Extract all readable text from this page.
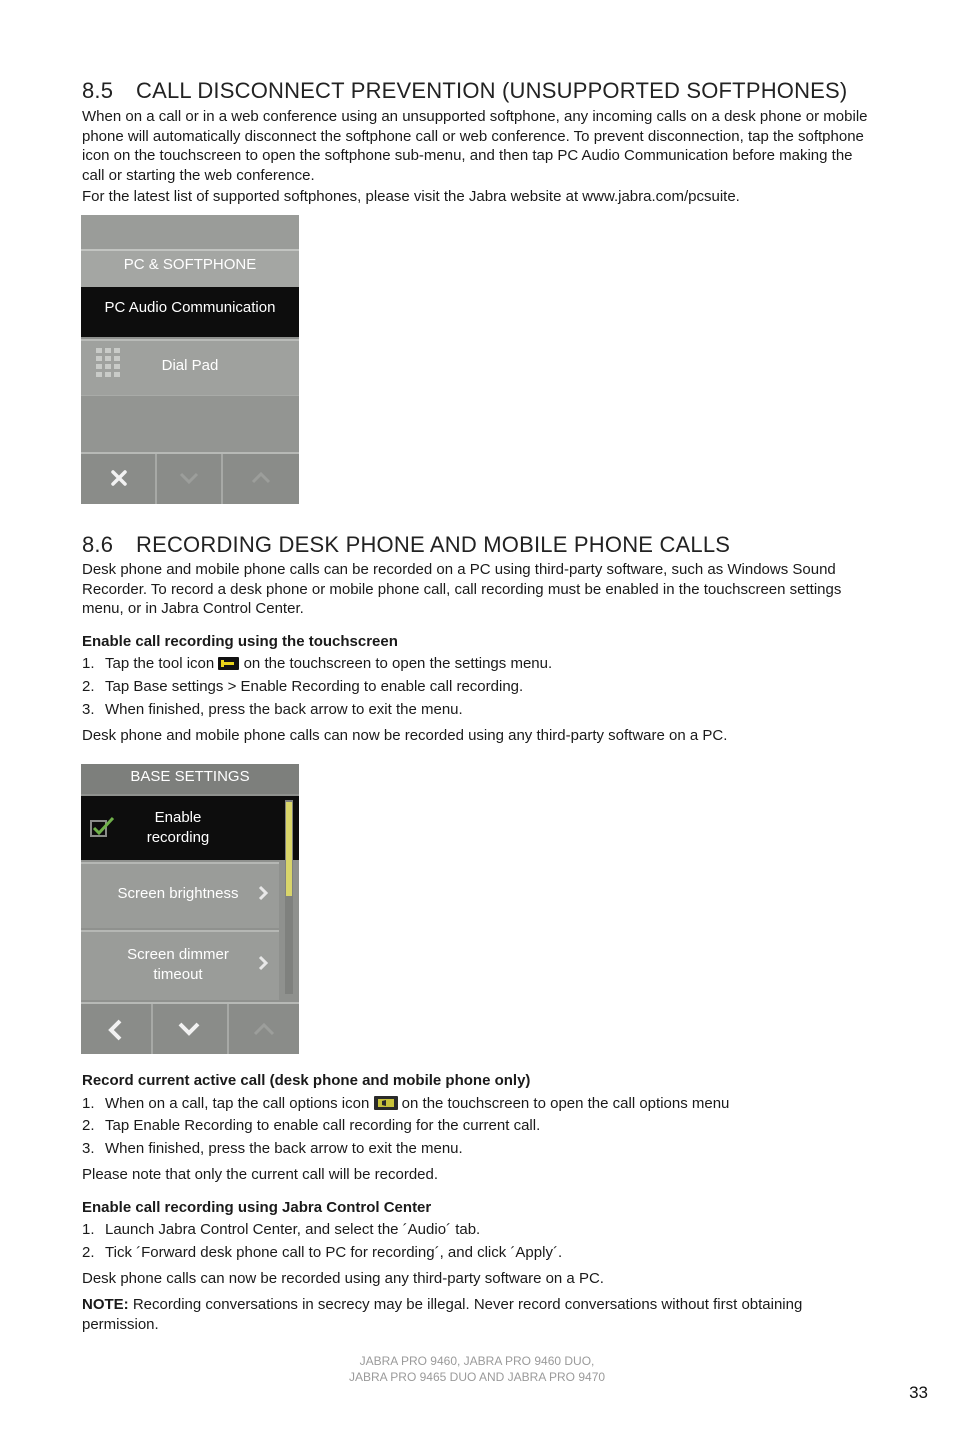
8.5 CALL DISCONNECT PREVENTION (UNSUPPORTED SOFTPHONES)

When on a call or in a web conference using an unsupported softphone, any incoming calls on a desk phone or mobile phone will automatically disconnect the softphone call or web conference. To prevent disconnection, tap the softphone icon on the touchscreen to open the softphone sub-menu, and then tap PC Audio Communication before making the call or starting the web conference.

For the latest list of supported softphones, please visit the Jabra website at www.jabra.com/pcsuite.

8.6 RECORDING DESK PHONE AND MOBILE PHONE CALLS

Desk phone and mobile phone calls can be recorded on a PC using third-party software, such as Windows Sound Recorder. To record a desk phone or mobile phone call, call recording must be enabled in the touchscreen settings menu, or in Jabra Control Center.

Enable call recording using the touchscreen

1. Tap the tool icon on the touchscreen to open the settings menu.
2. Tap Base settings > Enable Recording to enable call recording.
3. When finished, press the back arrow to exit the menu.

Desk phone and mobile phone calls can now be recorded using any third-party software on a PC.

Record current active call (desk phone and mobile phone only)

1. When on a call, tap the call options icon on the touchscreen to open the call options menu
2. Tap Enable Recording to enable call recording for the current call.
3. When finished, press the back arrow to exit the menu.

Please note that only the current call will be recorded.

Enable call recording using Jabra Control Center

1. Launch Jabra Control Center, and select the ´Audio´ tab.
2. Tick ´Forward desk phone call to PC for recording´, and click ´Apply´.

Desk phone calls can now be recorded using any third-party software on a PC.

NOTE: Recording conversations in secrecy may be illegal. Never record conversations without first obtaining permission.

PC & SOFTPHONE
PC Audio Communication
Dial Pad
BASE SETTINGS
Enable
recording
Screen brightness
Screen dimmer
timeout
JABRA PRO 9460, JABRA PRO 9460 DUO,
JABRA PRO 9465 DUO AND JABRA PRO 9470
33
